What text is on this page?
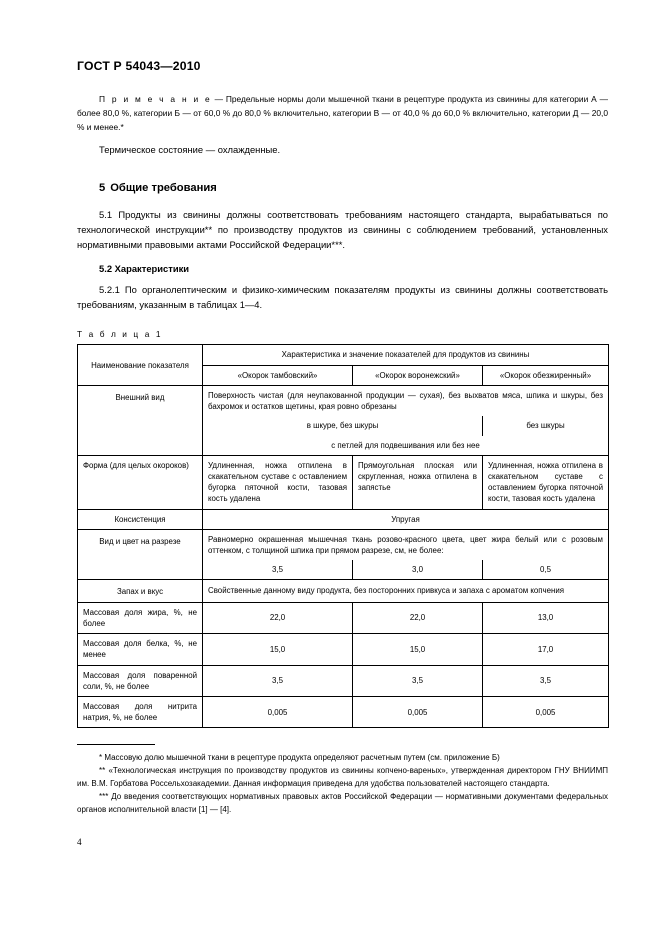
ГОСТ Р 54043—2010
П р и м е ч а н и е — Предельные нормы доли мышечной ткани в рецептуре продукта из свинины для категории А — более 80,0 %, категории Б — от 60,0 % до 80,0 % включительно, категории В — от 40,0 % до 60,0 % включительно, категории Д — 20,0 % и менее.*
Термическое состояние — охлажденные.
5 Общие требования
5.1 Продукты из свинины должны соответствовать требованиям настоящего стандарта, вырабатываться по технологической инструкции** по производству продуктов из свинины с соблюдением требований, установленных нормативными правовыми актами Российской Федерации***.
5.2 Характеристики
5.2.1 По органолептическим и физико-химическим показателям продукты из свинины должны соответствовать требованиям, указанным в таблицах 1—4.
Т а б л и ц а 1
Наименование показателя	Характеристика и значение показателей для продуктов из свинины		
	«Окорок тамбовский»	«Окорок воронежский»	«Окорок обезжиренный»
Внешний вид	Поверхность чистая (для неупакованной продукции — сухая), без выхватов мяса, шпика и шкуры, без бахромок и остатков щетины, края ровно обрезаны		
	в шкуре, без шкуры		без шкуры
	с петлей для подвешивания или без нее		
Форма (для целых окороков)	Удлиненная, ножка отпилена в скакательном суставе с оставлением бугорка пяточной кости, тазовая кость удалена	Прямоугольная плоская или скругленная, ножка отпилена в запястье	Удлиненная, ножка отпилена в скакательном суставе с оставлением бугорка пяточной кости, тазовая кость удалена
Консистенция	Упругая		
Вид и цвет на разрезе	Равномерно окрашенная мышечная ткань розово-красного цвета, цвет жира белый или с розовым оттенком, с толщиной шпика при прямом разрезе, см, не более:		
	3,5	3,0	0,5
Запах и вкус	Свойственные данному виду продукта, без посторонних привкуса и запаха с ароматом копчения		
Массовая доля жира, %, не более	22,0	22,0	13,0
Массовая доля белка, %, не менее	15,0	15,0	17,0
Массовая доля поваренной соли, %, не более	3,5	3,5	3,5
Массовая доля нитрита натрия, %, не более	0,005	0,005	0,005

* Массовую долю мышечной ткани в рецептуре продукта определяют расчетным путем (см. приложение Б)

** «Технологическая инструкция по производству продуктов из свинины копчено-вареных», утвержденная директором ГНУ ВНИИМП им. В.М. Горбатова Россельхозакадемии. Данная информация приведена для удобства пользователей настоящего стандарта.

*** До введения соответствующих нормативных правовых актов Российской Федерации — нормативными документами федеральных органов исполнительной власти [1] — [4].

4
